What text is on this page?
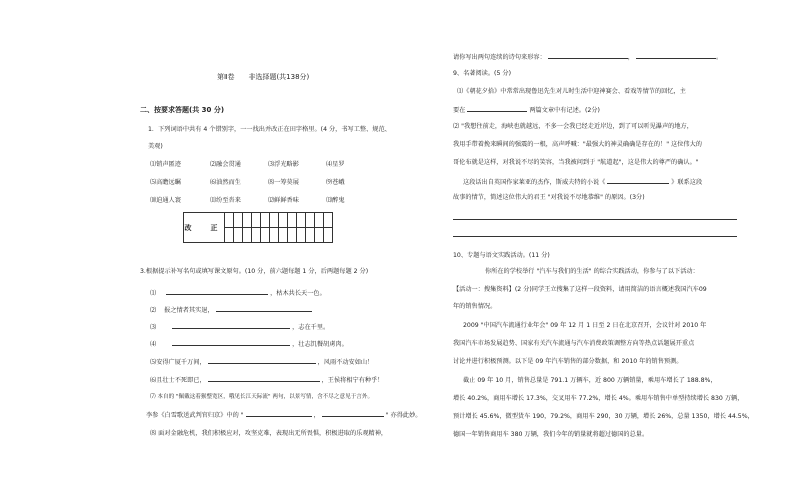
第Ⅱ卷　　非选择题(共138分)
二、按要求答题(共 30 分)
1．下列词语中共有 4 个错别字，一一找出并改正在田字格里。(4 分，书写工整、规范、
美观)
⑴销声匿迹	⑵融会贯通	⑶浮光略影	⑷星罗
⑸高瞻远瞩	⑹油然而生	⑻一筹莫展	⑼苍峨
⑽迫通人寰	⑾纷至沓来	⑿鲜鲜香味	⒀醉鬼
改　正												

3.根据提示补写名句或填写课文原句。(10 分，前六题每题 1 分，后两题每题 2 分)
⑴	，枯木共长天一色。
⑵ 报之情者其实退，
⑶	，志在千里。
⑷	，壮志饥餐胡虏肉。
⑸安得广厦千万间，	，风雨不动安如山！
⑹且壮士不死即已，	，王侯将相宁有种乎！
⑺ 本自的 "佩戴这着猴整宽区，哦见长江天际流" 两句，以景写情，含不尽之意见于言外。
李参《白雪歌送武判官归京》中的 "	，	" 亦得此妙。
⑻ 面对金融危机，我们积极应对，攻坚克难，表现出无所畏惧，积极进取的乐观精神，
请你写出两句连续的诗句来形容：	，	。
9、名著阅读。(5 分)
⑴《朝花夕拾》中常常出现鲁迅先生对儿时生活中迎神赛会、看戏等情节的回忆，主
要在	两篇文章中有记述。(2分)
⑵ "我想往前走，海峡也就越远，不多一会我已经走近岸边，到了可以听见瀑声的地方，
我用手带着挽来瞬间的强震的一根，高声呼喊："最强大的神灵确确是存在的！" 这位伟大的
哥伦布就是这样，对我说不尽的笑容，当我被问到于 "航道起"，这是伟大的尊严的确认。"
这段话出自英国作家莱亚的杰作，斯威夫特的小说《	》联系这段
故事的情节，简述这位伟大的君王 "对我说不尽地恭维" 的原因。(3分)
10、专题与语文实践活动。(11 分)
你所在的学校举行 "汽车与我们的生活" 的综合实践活动，你参与了以下活动：
【活动一：搜集资料】(2 分)同学王立搜集了这样一段资料，请用简洁的语言概述我国汽车09
年的销售情况。
2009 "中国汽车流通行业年会" 09 年 12 月 1 日至 2 日在北京召开，会议针对 2010 年
我国汽车市场发展趋势、国家有关汽车流通与汽车消费政策调整方向等热点话题展开重点
讨论并进行积极预测。以下是 09 年汽车销售的部分数据，和 2010 年的销售预测。
截止 09 年 10 月，销售总量是 791.1 万辆车，近 800 万辆销量，乘用车增长了 188.8%，
增长 40.2%，商用车增长 17.3%，交叉用车 77.2%，增长 4%。乘用车销售中单型持续增长 830 万辆，
预计增长 45.6%，微型货车 190，79.2%，商用车 290，30 万辆，增长 26%，总量 1350，增长 44.5%，
德国一年销售商用车 380 万辆，我们今年的销量就将超过德国的总量。
